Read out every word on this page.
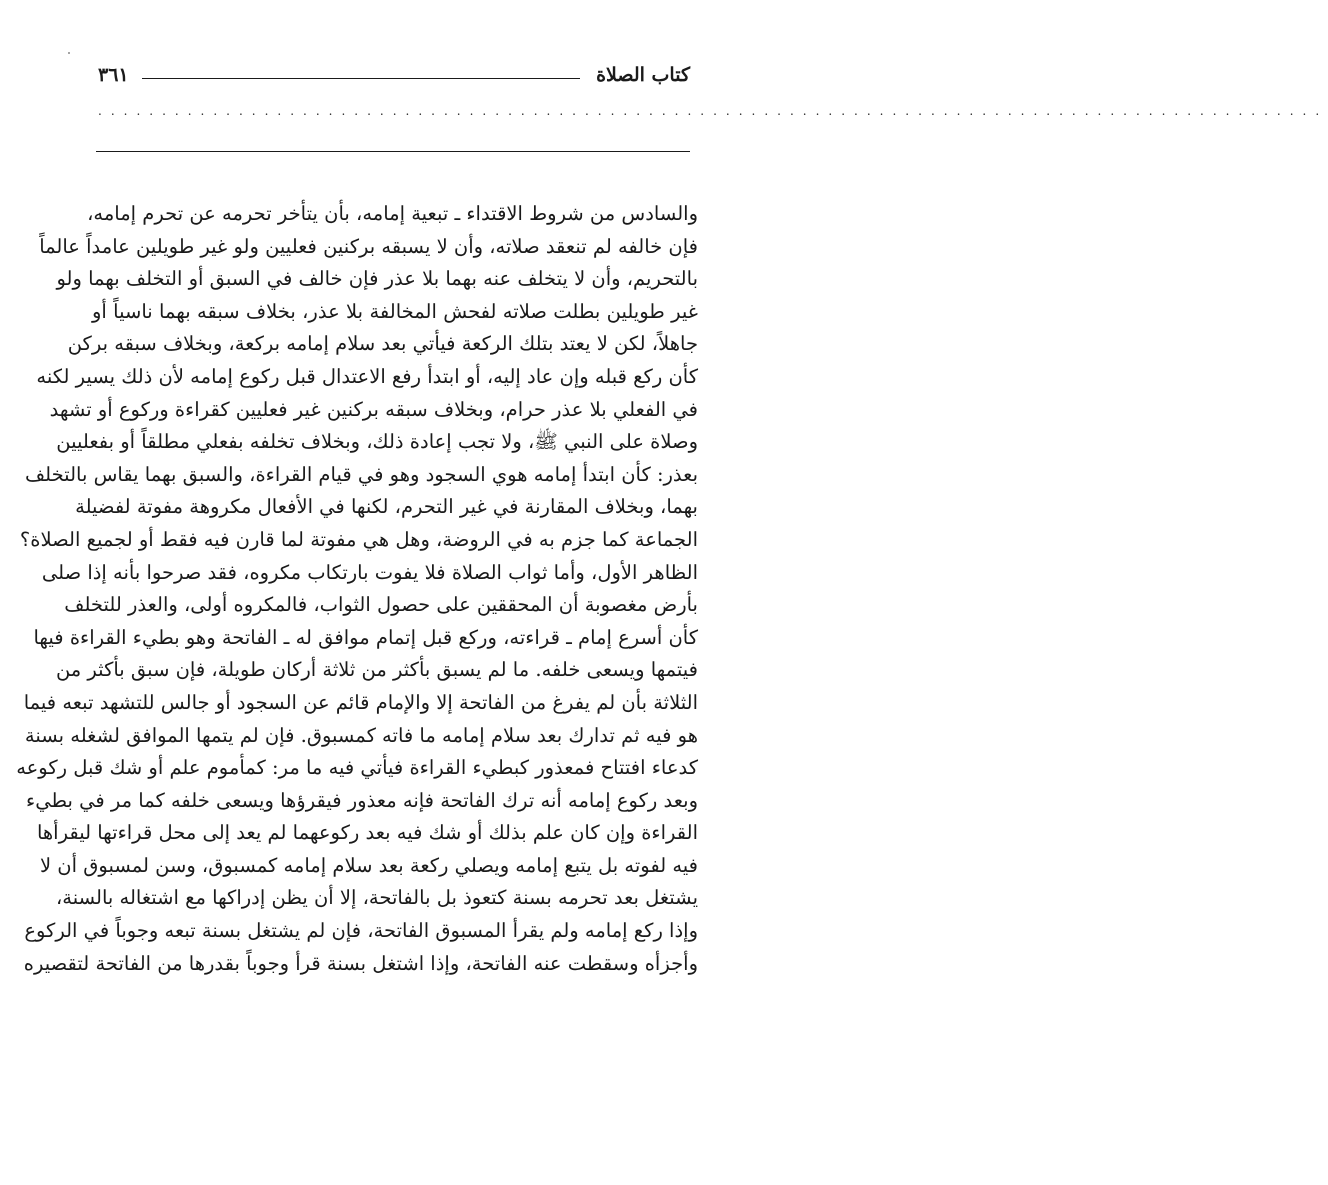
كتاب الصلاة
٣٦١
................................................................................................
والسادس من شروط الاقتداء ـ تبعية إمامه، بأن يتأخر تحرمه عن تحرم إمامه،
فإن خالفه لم تنعقد صلاته، وأن لا يسبقه بركنين فعليين ولو غير طويلين عامداً عالماً
بالتحريم، وأن لا يتخلف عنه بهما بلا عذر فإن خالف في السبق أو التخلف بهما ولو
غير طويلين بطلت صلاته لفحش المخالفة بلا عذر، بخلاف سبقه بهما ناسياً أو
جاهلاً، لكن لا يعتد بتلك الركعة فيأتي بعد سلام إمامه بركعة، وبخلاف سبقه بركن
كأن ركع قبله وإن عاد إليه، أو ابتدأ رفع الاعتدال قبل ركوع إمامه لأن ذلك يسير لكنه
في الفعلي بلا عذر حرام، وبخلاف سبقه بركنين غير فعليين كقراءة وركوع أو تشهد
وصلاة على النبي ﷺ، ولا تجب إعادة ذلك، وبخلاف تخلفه بفعلي مطلقاً أو بفعليين
بعذر: كأن ابتدأ إمامه هوي السجود وهو في قيام القراءة، والسبق بهما يقاس بالتخلف
بهما، وبخلاف المقارنة في غير التحرم، لكنها في الأفعال مكروهة مفوتة لفضيلة
الجماعة كما جزم به في الروضة، وهل هي مفوتة لما قارن فيه فقط أو لجميع الصلاة؟
الظاهر الأول، وأما ثواب الصلاة فلا يفوت بارتكاب مكروه، فقد صرحوا بأنه إذا صلى
بأرض مغصوبة أن المحققين على حصول الثواب، فالمكروه أولى، والعذر للتخلف
كأن أسرع إمام ـ قراءته، وركع قبل إتمام موافق له ـ الفاتحة وهو بطيء القراءة فيها
فيتمها ويسعى خلفه. ما لم يسبق بأكثر من ثلاثة أركان طويلة، فإن سبق بأكثر من
الثلاثة بأن لم يفرغ من الفاتحة إلا والإمام قائم عن السجود أو جالس للتشهد تبعه فيما
هو فيه ثم تدارك بعد سلام إمامه ما فاته كمسبوق. فإن لم يتمها الموافق لشغله بسنة
كدعاء افتتاح فمعذور كبطيء القراءة فيأتي فيه ما مر: كمأموم علم أو شك قبل ركوعه
وبعد ركوع إمامه أنه ترك الفاتحة فإنه معذور فيقرؤها ويسعى خلفه كما مر في بطيء
القراءة وإن كان علم بذلك أو شك فيه بعد ركوعهما لم يعد إلى محل قراءتها ليقرأها
فيه لفوته بل يتبع إمامه ويصلي ركعة بعد سلام إمامه كمسبوق، وسن لمسبوق أن لا
يشتغل بعد تحرمه بسنة كتعوذ بل بالفاتحة، إلا أن يظن إدراكها مع اشتغاله بالسنة،
وإذا ركع إمامه ولم يقرأ المسبوق الفاتحة، فإن لم يشتغل بسنة تبعه وجوباً في الركوع
وأجزأه وسقطت عنه الفاتحة، وإذا اشتغل بسنة قرأ وجوباً بقدرها من الفاتحة لتقصيره
